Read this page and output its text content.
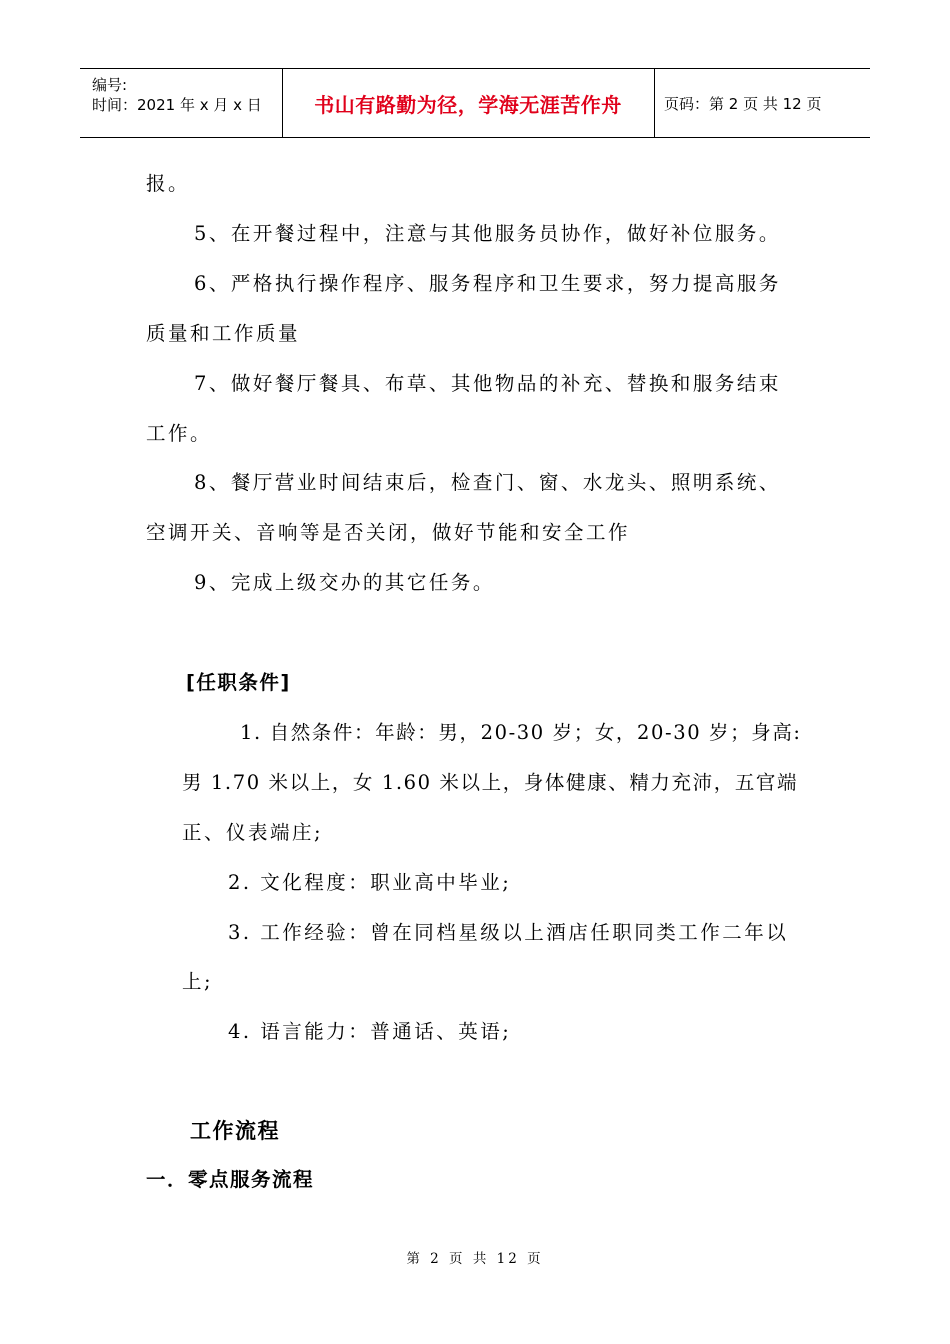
编号:
时间：2021 年 x 月 x 日	书山有路勤为径，学海无涯苦作舟	页码：第 2 页 共 12 页
报。
5、在开餐过程中，注意与其他服务员协作，做好补位服务。
6、严格执行操作程序、服务程序和卫生要求，努力提高服务
质量和工作质量
7、做好餐厅餐具、布草、其他物品的补充、替换和服务结束
工作。
8、餐厅营业时间结束后，检查门、窗、水龙头、照明系统、
空调开关、音响等是否关闭，做好节能和安全工作
9、完成上级交办的其它任务。
[任职条件]
1. 自然条件：年龄：男，20-30 岁；女，20-30 岁；身高:
男 1.70 米以上，女 1.60 米以上，身体健康、精力充沛，五官端
正、仪表端庄;
2. 文化程度：职业高中毕业;
3. 工作经验：曾在同档星级以上酒店任职同类工作二年以
上;
4. 语言能力：普通话、英语;
工作流程
一．零点服务流程
第 2 页 共 12 页
